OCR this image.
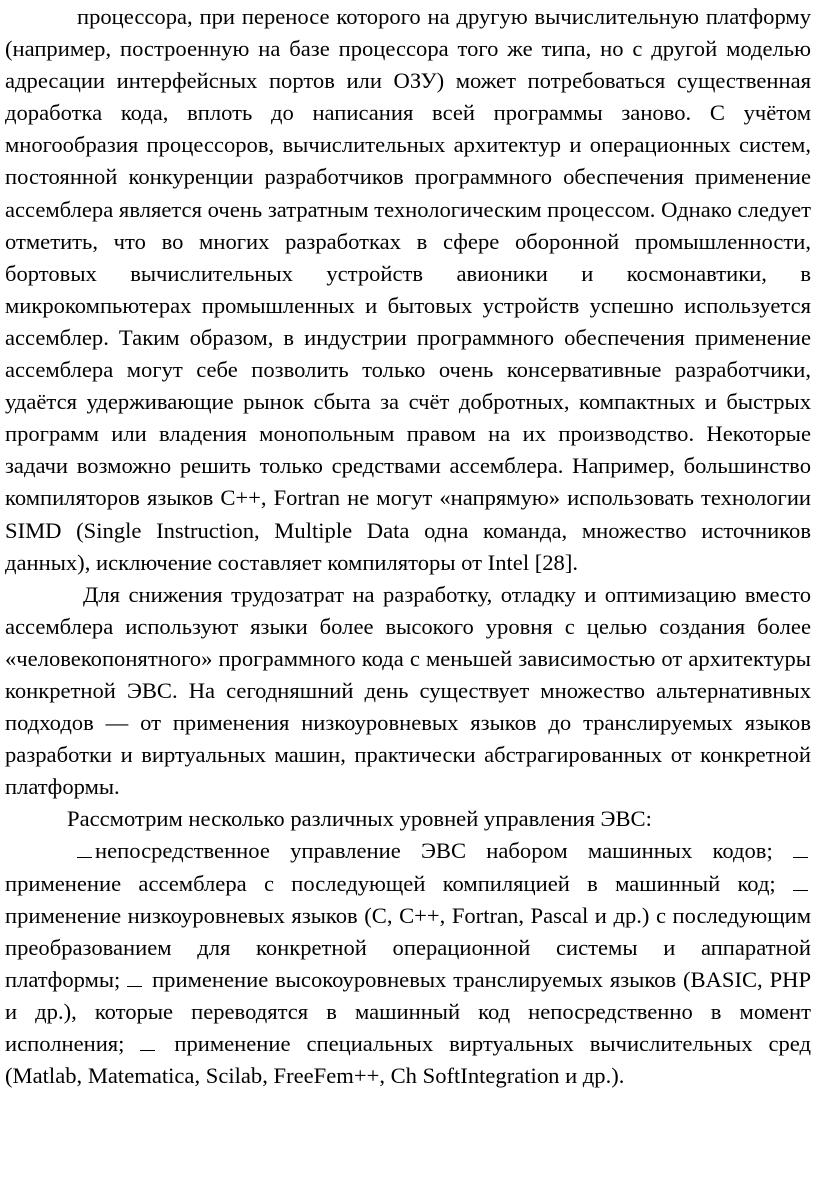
процессора, при переносе которого на другую вычислительную платформу (например, построенную на базе процессора того же типа, но с другой моделью адресации интерфейсных портов или ОЗУ) может потребоваться существенная доработка кода, вплоть до написания всей программы заново. С учётом многообразия процессоров, вычислительных архитектур и операционных систем, постоянной конкуренции разработчиков программного обеспечения применение ассемблера является очень затратным технологическим процессом. Однако следует отметить, что во многих разработках в сфере оборонной промышленности, бортовых вычислительных устройств авионики и космонавтики, в микрокомпьютерах промышленных и бытовых устройств успешно используется ассемблер. Таким образом, в индустрии программного обеспечения применение ассемблера могут себе позволить только очень консервативные разработчики, удаётся удерживающие рынок сбыта за счёт добротных, компактных и быстрых программ или владения монопольным правом на их производство. Некоторые задачи возможно решить только средствами ассемблера. Например, большинство компиляторов языков C++, Fortran не могут «напрямую» использовать технологии SIMD (Single Instruction, Multiple Data одна команда, множество источников данных), исключение составляет компиляторы от Intel [28].

Для снижения трудозатрат на разработку, отладку и оптимизацию вместо ассемблера используют языки более высокого уровня с целью создания более «человекопонятного» программного кода с меньшей зависимостью от архитектуры конкретной ЭВС. На сегодняшний день существует множество альтернативных подходов — от применения низкоуровневых языков до транслируемых языков разработки и виртуальных машин, практически абстрагированных от конкретной платформы.

Рассмотрим несколько различных уровней управления ЭВС:

непосредственное управление ЭВС набором машинных кодов;  применение ассемблера с последующей компиляцией в машинный код;  применение низкоуровневых языков (C, C++, Fortran, Pascal и др.) с последующим преобразованием для конкретной операционной системы и аппаратной платформы; применение высокоуровневых транслируемых языков (BASIC, PHP и др.), которые переводятся в машинный код непосредственно в момент исполнения; применение специальных виртуальных вычислительных сред (Matlab, Matematica, Scilab, FreeFem++, Ch SoftIntegration и др.).
